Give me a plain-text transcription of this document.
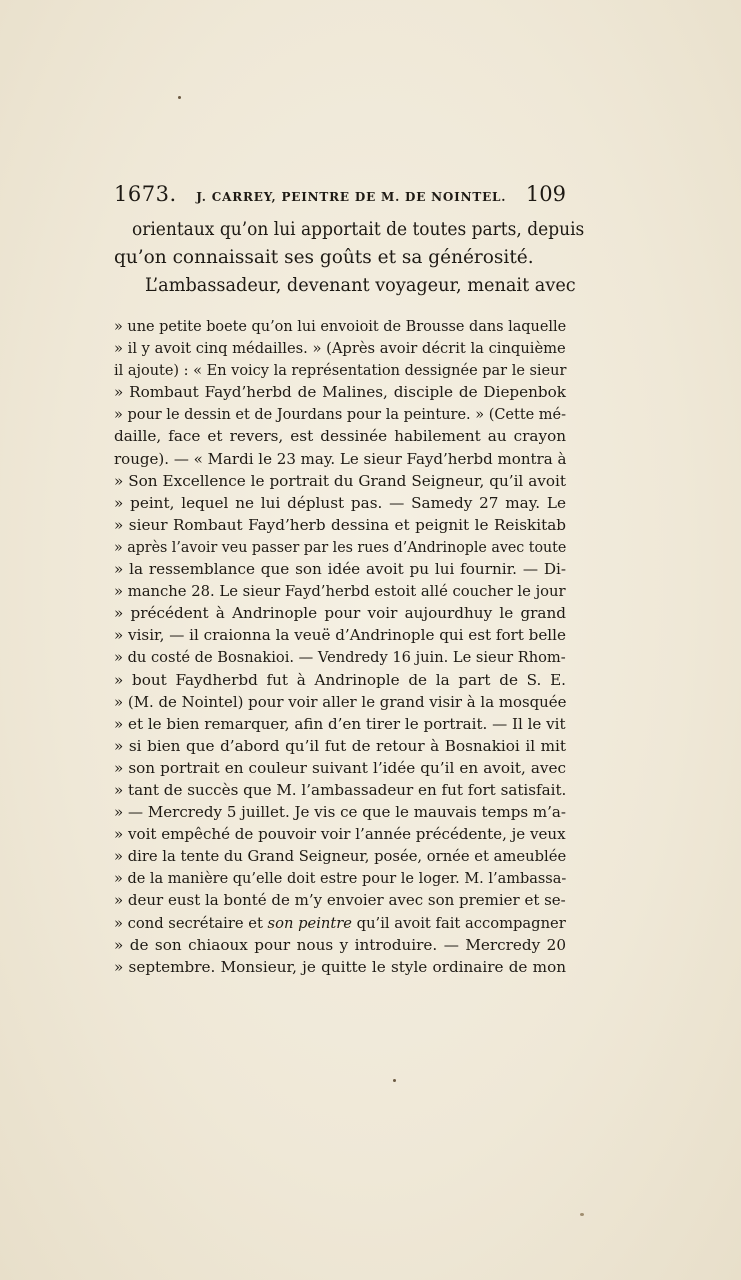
1673. J. CARREY, PEINTRE DE M. DE NOINTEL. 109
orientaux qu’on lui apportait de toutes parts, depuis
qu’on connaissait ses goûts et sa générosité.
L’ambassadeur, devenant voyageur, menait avec
» une petite boete qu’on lui envoioit de Brousse dans laquelle
» il y avoit cinq médailles. » (Après avoir décrit la cinquième
il ajoute) : « En voicy la représentation dessignée par le sieur
» Rombaut Fayd’herbd de Malines, disciple de Diepenbok
» pour le dessin et de Jourdans pour la peinture. » (Cette mé-
daille, face et revers, est dessinée habilement au crayon
rouge). — « Mardi le 23 may. Le sieur Fayd’herbd montra à
» Son Excellence le portrait du Grand Seigneur, qu’il avoit
» peint, lequel ne lui déplust pas. — Samedy 27 may. Le
» sieur Rombaut Fayd’herb dessina et peignit le Reiskitab
» après l’avoir veu passer par les rues d’Andrinople avec toute
» la ressemblance que son idée avoit pu lui fournir. — Di-
» manche 28. Le sieur Fayd’herbd estoit allé coucher le jour
» précédent à Andrinople pour voir aujourdhuy le grand
» visir, — il craionna la veuë d’Andrinople qui est fort belle
» du costé de Bosnakioi. — Vendredy 16 juin. Le sieur Rhom-
» bout Faydherbd fut à Andrinople de la part de S. E.
» (M. de Nointel) pour voir aller le grand visir à la mosquée
» et le bien remarquer, afin d’en tirer le portrait. — Il le vit
» si bien que d’abord qu’il fut de retour à Bosnakioi il mit
» son portrait en couleur suivant l’idée qu’il en avoit, avec
» tant de succès que M. l’ambassadeur en fut fort satisfait.
» — Mercredy 5 juillet. Je vis ce que le mauvais temps m’a-
» voit empêché de pouvoir voir l’année précédente, je veux
» dire la tente du Grand Seigneur, posée, ornée et ameublée
» de la manière qu’elle doit estre pour le loger. M. l’ambassa-
» deur eust la bonté de m’y envoier avec son premier et se-
» cond secrétaire et son peintre qu’il avoit fait accompagner
» de son chiaoux pour nous y introduire. — Mercredy 20
» septembre. Monsieur, je quitte le style ordinaire de mon
